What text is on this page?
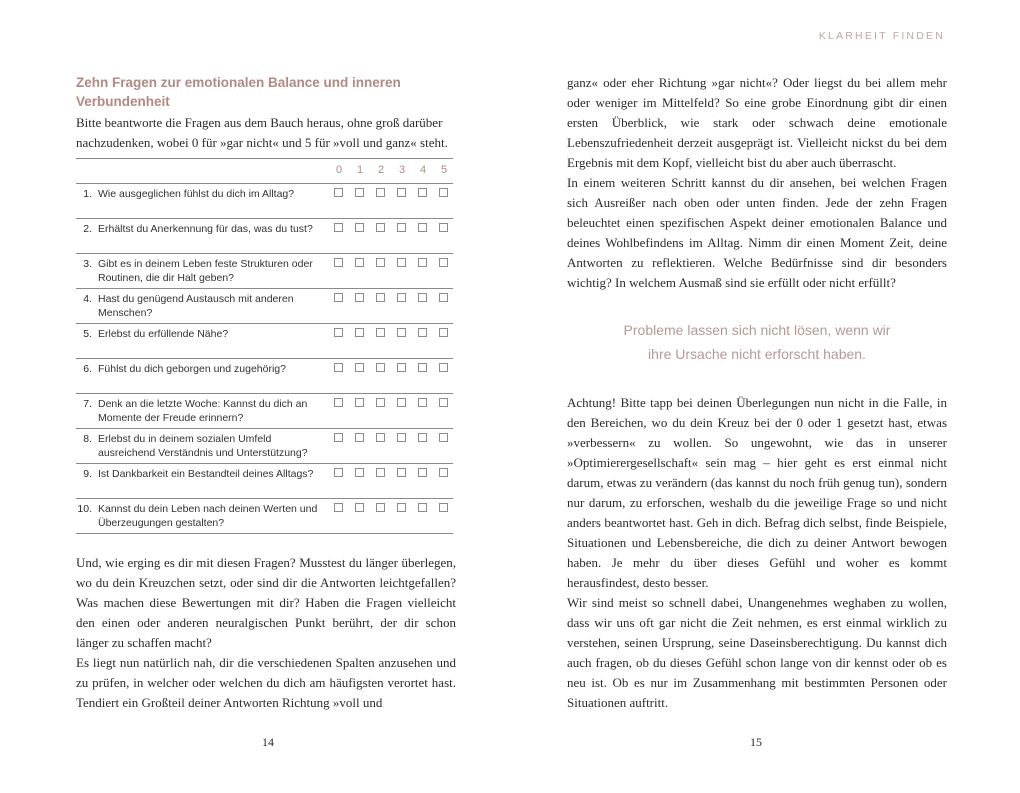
Zehn Fragen zur emotionalen Balance und inneren
Verbundenheit

Bitte beantworte die Fragen aus dem Bauch heraus, ohne groß darüber nachzudenken, wobei 0 für »gar nicht« und 5 für »voll und ganz« steht.

0 1 2 3 4 5
1. Wie ausgeglichen fühlst du dich im Alltag?
2. Erhältst du Anerkennung für das, was du tust?
3. Gibt es in deinem Leben feste Strukturen oder Routinen, die dir Halt geben?
4. Hast du genügend Austausch mit anderen Menschen?
5. Erlebst du erfüllende Nähe?
6. Fühlst du dich geborgen und zugehörig?
7. Denk an die letzte Woche: Kannst du dich an Momente der Freude erinnern?
8. Erlebst du in deinem sozialen Umfeld ausreichend Verständnis und Unterstützung?
9. Ist Dankbarkeit ein Bestandteil deines Alltags?
10. Kannst du dein Leben nach deinen Werten und Überzeugungen gestalten?

Und, wie erging es dir mit diesen Fragen? Musstest du länger überlegen, wo du dein Kreuzchen setzt, oder sind dir die Antworten leichtgefallen? Was machen diese Bewertungen mit dir? Haben die Fragen vielleicht den einen oder anderen neuralgischen Punkt berührt, der dir schon länger zu schaffen macht?

Es liegt nun natürlich nah, dir die verschiedenen Spalten anzusehen und zu prüfen, in welcher oder welchen du dich am häufigsten verortet hast. Tendiert ein Großteil deiner Antworten Richtung »voll und

14
KLARHEIT FINDEN

ganz« oder eher Richtung »gar nicht«? Oder liegst du bei allem mehr oder weniger im Mittelfeld? So eine grobe Einordnung gibt dir einen ersten Überblick, wie stark oder schwach deine emotionale Lebenszufriedenheit derzeit ausgeprägt ist. Vielleicht nickst du bei dem Ergebnis mit dem Kopf, vielleicht bist du aber auch überrascht.

In einem weiteren Schritt kannst du dir ansehen, bei welchen Fragen sich Ausreißer nach oben oder unten finden. Jede der zehn Fragen beleuchtet einen spezifischen Aspekt deiner emotionalen Balance und deines Wohlbefindens im Alltag. Nimm dir einen Moment Zeit, deine Antworten zu reflektieren. Welche Bedürfnisse sind dir besonders wichtig? In welchem Ausmaß sind sie erfüllt oder nicht erfüllt?

Probleme lassen sich nicht lösen, wenn wir
ihre Ursache nicht erforscht haben.

Achtung! Bitte tapp bei deinen Überlegungen nun nicht in die Falle, in den Bereichen, wo du dein Kreuz bei der 0 oder 1 gesetzt hast, etwas »verbessern« zu wollen. So ungewohnt, wie das in unserer »Optimierergesellschaft« sein mag – hier geht es erst einmal nicht darum, etwas zu verändern (das kannst du noch früh genug tun), sondern nur darum, zu erforschen, weshalb du die jeweilige Frage so und nicht anders beantwortet hast. Geh in dich. Befrag dich selbst, finde Beispiele, Situationen und Lebensbereiche, die dich zu deiner Antwort bewogen haben. Je mehr du über dieses Gefühl und woher es kommt herausfindest, desto besser.

Wir sind meist so schnell dabei, Unangenehmes weghaben zu wollen, dass wir uns oft gar nicht die Zeit nehmen, es erst einmal wirklich zu verstehen, seinen Ursprung, seine Daseinsberechtigung. Du kannst dich auch fragen, ob du dieses Gefühl schon lange von dir kennst oder ob es neu ist. Ob es nur im Zusammenhang mit bestimmten Personen oder Situationen auftritt.

15
